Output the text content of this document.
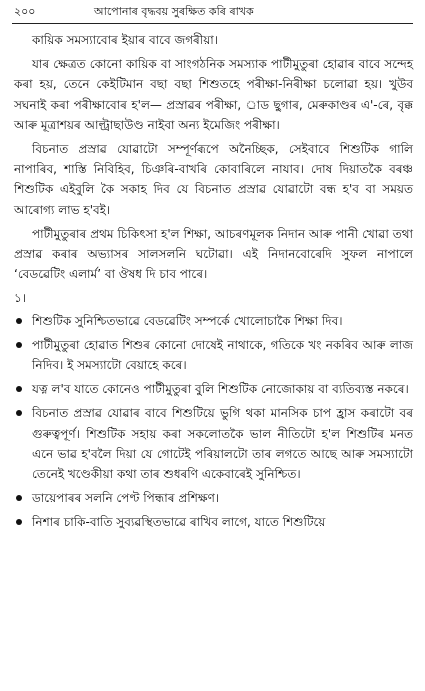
২০০	আপোনাৰ বৃদ্ধবয় সুৰক্ষিত কৰি ৰাখক

কায়িক সমস্যাবোৰ ইয়াৰ বাবে জগৰীয়া।

যাৰ ক্ষেত্ৰত কোনো কায়িক বা সাংগঠনিক সমস্যাক পাটীমুতুৰা হোৱাৰ বাবে সন্দেহ কৰা হয়, তেনে কেইটিমান বছা বছা শিশুতহে পৰীক্ষা-নিৰীক্ষা চলোৱা হয়। খুউব সঘনাই কৰা পৰীক্ষাবোৰ হ'ল— প্ৰস্ৰাৱৰ পৰীক্ষা, ৰ্াড ছুগাৰ, মেৰুকাণ্ডৰ এ'-ৰে, বৃক্ক আৰু মূত্ৰাশয়ৰ আল্ট্ৰাছাউণ্ড নাইবা অন্য ইমেজিং পৰীক্ষা।

বিচনাত প্ৰস্ৰাৱ যোৱাটো সম্পূৰ্ণৰূপে অনৈচ্ছিক, সেইবাবে শিশুটিক গালি নাপাৰিব, শাস্তি নিবিহিব, চিঞৰি-বাখৰি কোবাৰিলে নাযাব। দোষ দিয়াতকৈ বৰঞ্চ শিশুটিক এইবুলি কৈ সকাহ দিব যে বিচনাত প্ৰস্ৰাৱ যোৱাটো বন্ধ হ'ব বা সময়ত আৰোগ্য লাভ হ'বই।

পাটীমুতুৰাৰ প্ৰথম চিকিৎসা হ'ল শিক্ষা, আচৰণমূলক নিদান আৰু পানী খোৱা তথা প্ৰস্ৰাৱ কৰাৰ অভ্যাসৰ সালসলনি ঘটোৱা। এই নিদানবোৰেদি সুফল নাপালে ‘বেডৱেটিং এলাৰ্ম’ বা ঔষধ দি চাব পাৰে।

১।
শিশুটিক সুনিশ্চিতভাৱে বেডৱেটিং সম্পৰ্কে খোলোচাকৈ শিক্ষা দিব।
পাটীমুতুৰা হোৱাত শিশুৰ কোনো দোষেই নাথাকে, গতিকে খং নকৰিব আৰু লাজ নিদিব। ই সমস্যাটো বেয়াহে কৰে।
যত্ন ল'ব যাতে কোনেও পাটীমুতুৰা বুলি শিশুটিক নোজোকায় বা ব্যতিব্যস্ত নকৰে।
বিচনাত প্ৰস্ৰাৱ যোৱাৰ বাবে শিশুটিয়ে ভুগি থকা মানসিক চাপ হ্ৰাস কৰাটো বৰ গুৰুত্বপূৰ্ণ। শিশুটিক সহায় কৰা সকলোতকৈ ভাল নীতিটো হ'ল শিশুটিৰ মনত এনে ভাৱ হ'বলৈ দিয়া যে গোটেই পৰিয়ালটো তাৰ লগতে আছে আৰু সমস্যাটো তেনেই খণ্ডেকীয়া কথা তাৰ শুধৰণি একেবাৰেই সুনিশ্চিত।
ডায়েপাৰৰ সলনি পেণ্ট পিন্ধাৰ প্ৰশিক্ষণ।
নিশাৰ চাকি-বাতি সুব্যৱস্থিতভাৱে ৰাখিব লাগে, যাতে শিশুটিয়ে
